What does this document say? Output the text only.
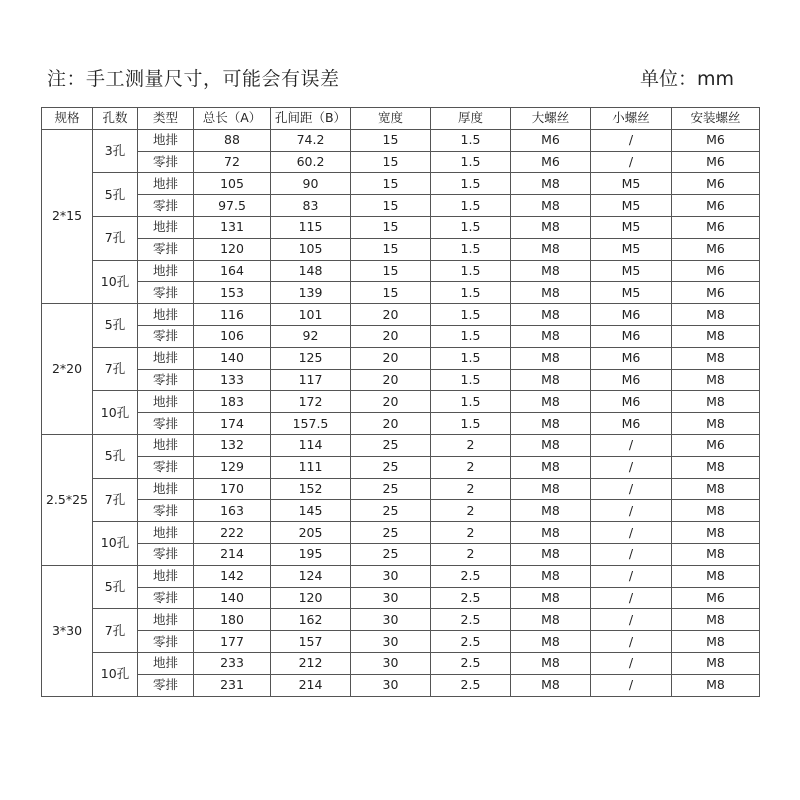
注：手工测量尺寸，可能会有误差	单位：mm
规格	孔数	类型	总长（A）	孔间距（B）	宽度	厚度	大螺丝	小螺丝	安装螺丝
2*15	3孔	地排	88	74.2	15	1.5	M6	/	M6
		零排	72	60.2	15	1.5	M6	/	M6
	5孔	地排	105	90	15	1.5	M8	M5	M6
		零排	97.5	83	15	1.5	M8	M5	M6
	7孔	地排	131	115	15	1.5	M8	M5	M6
		零排	120	105	15	1.5	M8	M5	M6
	10孔	地排	164	148	15	1.5	M8	M5	M6
		零排	153	139	15	1.5	M8	M5	M6
2*20	5孔	地排	116	101	20	1.5	M8	M6	M8
		零排	106	92	20	1.5	M8	M6	M8
	7孔	地排	140	125	20	1.5	M8	M6	M8
		零排	133	117	20	1.5	M8	M6	M8
	10孔	地排	183	172	20	1.5	M8	M6	M8
		零排	174	157.5	20	1.5	M8	M6	M8
2.5*25	5孔	地排	132	114	25	2	M8	/	M6
		零排	129	111	25	2	M8	/	M8
	7孔	地排	170	152	25	2	M8	/	M8
		零排	163	145	25	2	M8	/	M8
	10孔	地排	222	205	25	2	M8	/	M8
		零排	214	195	25	2	M8	/	M8
3*30	5孔	地排	142	124	30	2.5	M8	/	M8
		零排	140	120	30	2.5	M8	/	M6
	7孔	地排	180	162	30	2.5	M8	/	M8
		零排	177	157	30	2.5	M8	/	M8
	10孔	地排	233	212	30	2.5	M8	/	M8
		零排	231	214	30	2.5	M8	/	M8
